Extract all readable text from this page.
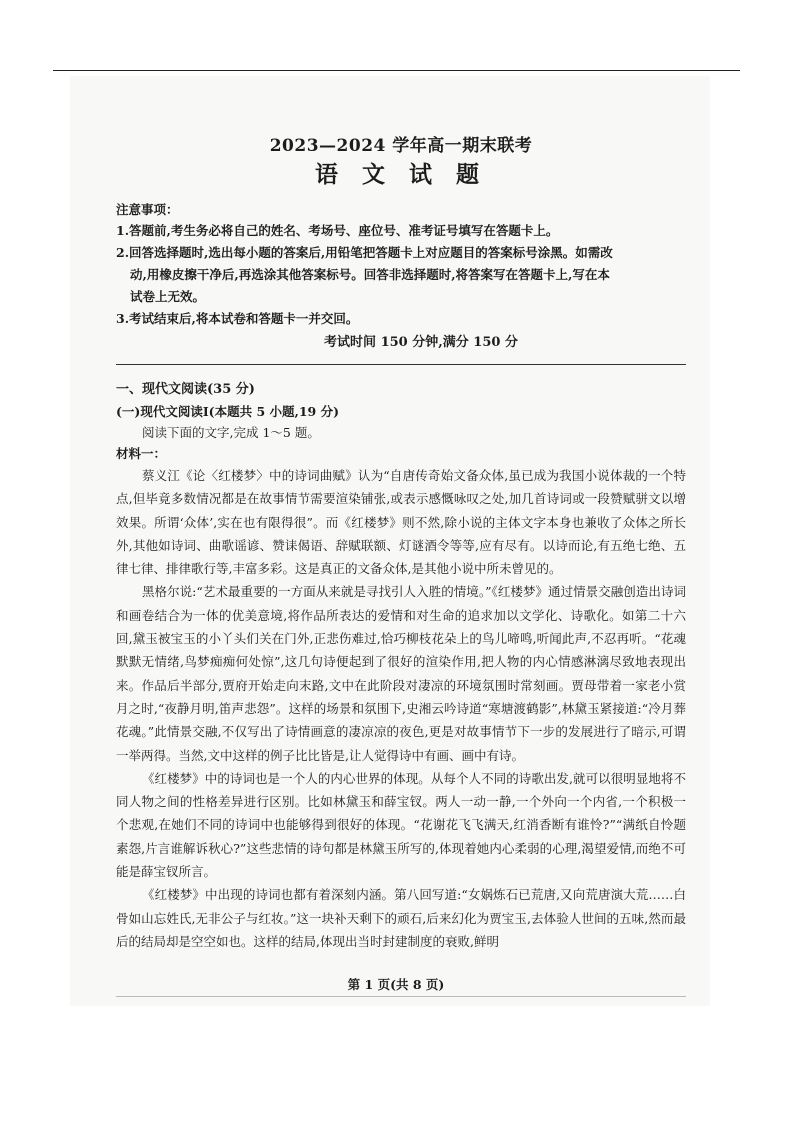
2023—2024 学年高一期末联考
语 文 试 题
注意事项：
1.答题前,考生务必将自己的姓名、考场号、座位号、准考证号填写在答题卡上。
2.回答选择题时,选出每小题的答案后,用铅笔把答题卡上对应题目的答案标号涂黑。如需改
动,用橡皮擦干净后,再选涂其他答案标号。回答非选择题时,将答案写在答题卡上,写在本
试卷上无效。
3.考试结束后,将本试卷和答题卡一并交回。
考试时间 150 分钟,满分 150 分
一、现代文阅读(35 分)
(一)现代文阅读Ⅰ(本题共 5 小题,19 分)
阅读下面的文字,完成 1～5 题。
材料一：

蔡义江《论〈红楼梦〉中的诗词曲赋》认为“自唐传奇始文备众体,虽已成为我国小说体裁的一个特点,但毕竟多数情况都是在故事情节需要渲染铺张,或表示感慨咏叹之处,加几首诗词或一段赞赋骈文以增效果。所谓‘众体’,实在也有限得很”。而《红楼梦》则不然,除小说的主体文字本身也兼收了众体之所长外,其他如诗词、曲歌谣谚、赞诔偈语、辞赋联额、灯谜酒令等等,应有尽有。以诗而论,有五绝七绝、五律七律、排律歌行等,丰富多彩。这是真正的文备众体,是其他小说中所未曾见的。

黑格尔说:“艺术最重要的一方面从来就是寻找引人入胜的情境。”《红楼梦》通过情景交融创造出诗词和画卷结合为一体的优美意境,将作品所表达的爱情和对生命的追求加以文学化、诗歌化。如第二十六回,黛玉被宝玉的小丫头们关在门外,正悲伤难过,恰巧柳枝花朵上的鸟儿啼鸣,听闻此声,不忍再听。“花魂默默无情绪,鸟梦痴痴何处惊”,这几句诗便起到了很好的渲染作用,把人物的内心情感淋漓尽致地表现出来。作品后半部分,贾府开始走向末路,文中在此阶段对凄凉的环境氛围时常刻画。贾母带着一家老小赏月之时,“夜静月明,笛声悲怨”。这样的场景和氛围下,史湘云吟诗道“寒塘渡鹤影”,林黛玉紧接道:“冷月葬花魂。”此情景交融,不仅写出了诗情画意的凄凉凉的夜色,更是对故事情节下一步的发展进行了暗示,可谓一举两得。当然,文中这样的例子比比皆是,让人觉得诗中有画、画中有诗。

《红楼梦》中的诗词也是一个人的内心世界的体现。从每个人不同的诗歌出发,就可以很明显地将不同人物之间的性格差异进行区别。比如林黛玉和薛宝钗。两人一动一静,一个外向一个内省,一个积极一个悲观,在她们不同的诗词中也能够得到很好的体现。“花谢花飞飞满天,红消香断有谁怜?”“满纸自怜题素怨,片言谁解诉秋心?”这些悲情的诗句都是林黛玉所写的,体现着她内心柔弱的心理,渴望爱情,而绝不可能是薛宝钗所言。

《红楼梦》中出现的诗词也都有着深刻内涵。第八回写道:“女娲炼石已荒唐,又向荒唐演大荒……白骨如山忘姓氏,无非公子与红妆。”这一块补天剩下的顽石,后来幻化为贾宝玉,去体验人世间的五味,然而最后的结局却是空空如也。这样的结局,体现出当时封建制度的衰败,鲜明

第 1 页(共 8 页)
